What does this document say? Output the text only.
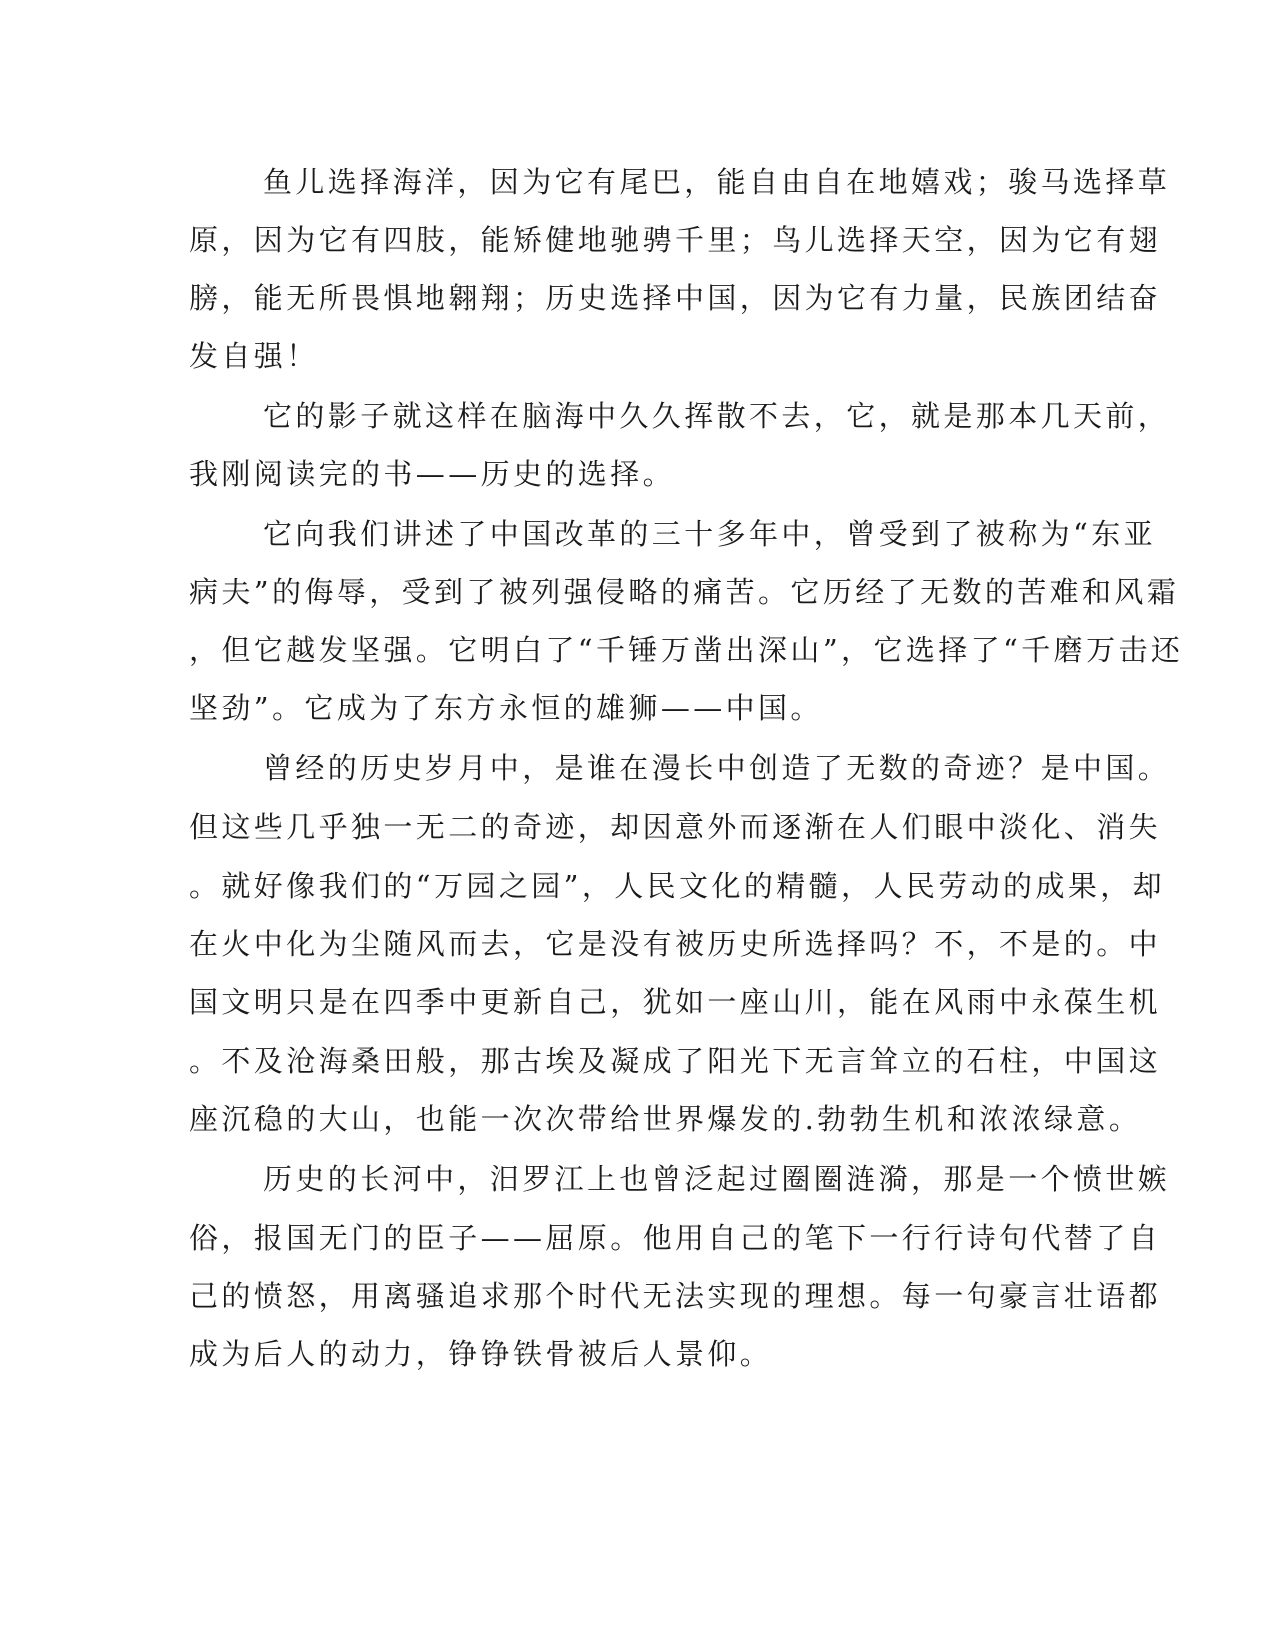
鱼儿选择海洋，因为它有尾巴，能自由自在地嬉戏；骏马选择草
原，因为它有四肢，能矫健地驰骋千里；鸟儿选择天空，因为它有翅
膀，能无所畏惧地翱翔；历史选择中国，因为它有力量，民族团结奋
发自强！
它的影子就这样在脑海中久久挥散不去，它，就是那本几天前，
我刚阅读完的书——历史的选择。
它向我们讲述了中国改革的三十多年中，曾受到了被称为“东亚
病夫”的侮辱，受到了被列强侵略的痛苦。它历经了无数的苦难和风霜
，但它越发坚强。它明白了“千锤万凿出深山”，它选择了“千磨万击还
坚劲”。它成为了东方永恒的雄狮——中国。
曾经的历史岁月中，是谁在漫长中创造了无数的奇迹？是中国。
但这些几乎独一无二的奇迹，却因意外而逐渐在人们眼中淡化、消失
。就好像我们的“万园之园”，人民文化的精髓，人民劳动的成果，却
在火中化为尘随风而去，它是没有被历史所选择吗？不，不是的。中
国文明只是在四季中更新自己，犹如一座山川，能在风雨中永葆生机
。不及沧海桑田般，那古埃及凝成了阳光下无言耸立的石柱，中国这
座沉稳的大山，也能一次次带给世界爆发的.勃勃生机和浓浓绿意。
历史的长河中，汨罗江上也曾泛起过圈圈涟漪，那是一个愤世嫉
俗，报国无门的臣子——屈原。他用自己的笔下一行行诗句代替了自
己的愤怒，用离骚追求那个时代无法实现的理想。每一句豪言壮语都
成为后人的动力，铮铮铁骨被后人景仰。
